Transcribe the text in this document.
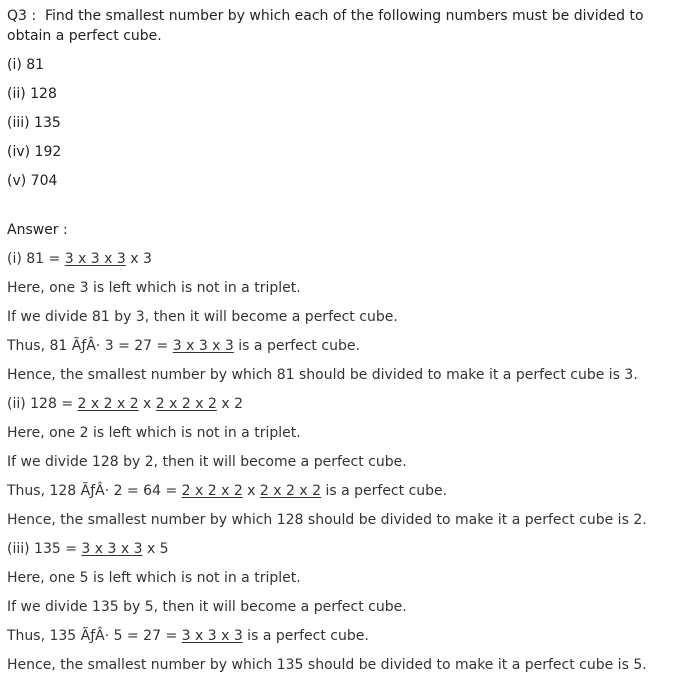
Q3 : Find the smallest number by which each of the following numbers must be divided to obtain a perfect cube.
(i) 81
(ii) 128
(iii) 135
(iv) 192
(v) 704
Answer :
(i) 81 = 3 x 3 x 3 x 3
Here, one 3 is left which is not in a triplet.
If we divide 81 by 3, then it will become a perfect cube.
Thus, 81 ÃƒÂ· 3 = 27 = 3 x 3 x 3 is a perfect cube.
Hence, the smallest number by which 81 should be divided to make it a perfect cube is 3.
(ii) 128 = 2 x 2 x 2 x 2 x 2 x 2 x 2
Here, one 2 is left which is not in a triplet.
If we divide 128 by 2, then it will become a perfect cube.
Thus, 128 ÃƒÂ· 2 = 64 = 2 x 2 x 2 x 2 x 2 x 2 is a perfect cube.
Hence, the smallest number by which 128 should be divided to make it a perfect cube is 2.
(iii) 135 = 3 x 3 x 3 x 5
Here, one 5 is left which is not in a triplet.
If we divide 135 by 5, then it will become a perfect cube.
Thus, 135 ÃƒÂ· 5 = 27 = 3 x 3 x 3 is a perfect cube.
Hence, the smallest number by which 135 should be divided to make it a perfect cube is 5.
